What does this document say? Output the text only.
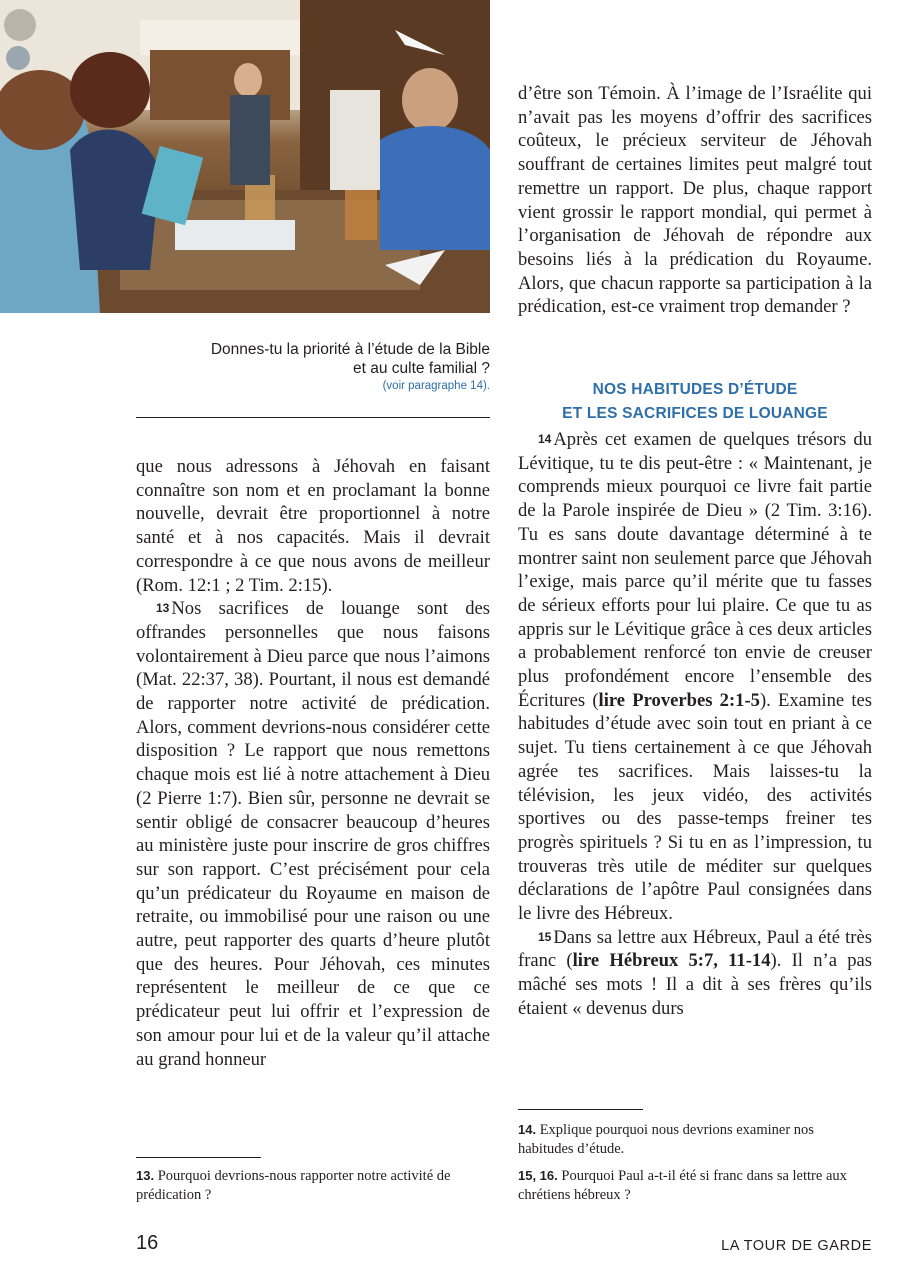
Donnes-tu la priorité à l’étude de la Bible
et au culte familial ?
(voir paragraphe 14).

que nous adressons à Jéhovah en faisant connaître son nom et en proclamant la bonne nouvelle, devrait être proportionnel à notre santé et à nos capacités. Mais il devrait correspondre à ce que nous avons de meilleur (Rom. 12:1 ; 2 Tim. 2:15).

13 Nos sacrifices de louange sont des offrandes personnelles que nous faisons volontairement à Dieu parce que nous l’aimons (Mat. 22:37, 38). Pourtant, il nous est demandé de rapporter notre activité de prédication. Alors, comment devrions-nous considérer cette disposition ? Le rapport que nous remettons chaque mois est lié à notre attachement à Dieu (2 Pierre 1:7). Bien sûr, personne ne devrait se sentir obligé de consacrer beaucoup d’heures au ministère juste pour inscrire de gros chiffres sur son rapport. C’est précisément pour cela qu’un prédicateur du Royaume en maison de retraite, ou immobilisé pour une raison ou une autre, peut rapporter des quarts d’heure plutôt que des heures. Pour Jéhovah, ces minutes représentent le meilleur de ce que ce prédicateur peut lui offrir et l’expression de son amour pour lui et de la valeur qu’il attache au grand honneur

13. Pourquoi devrions-nous rapporter notre activité de prédication ?

d’être son Témoin. À l’image de l’Israélite qui n’avait pas les moyens d’offrir des sacrifices coûteux, le précieux serviteur de Jéhovah souffrant de certaines limites peut malgré tout remettre un rapport. De plus, chaque rapport vient grossir le rapport mondial, qui permet à l’organisation de Jéhovah de répondre aux besoins liés à la prédication du Royaume. Alors, que chacun rapporte sa participation à la prédication, est-ce vraiment trop demander ?

NOS HABITUDES D’ÉTUDE
ET LES SACRIFICES DE LOUANGE

14 Après cet examen de quelques trésors du Lévitique, tu te dis peut-être : « Maintenant, je comprends mieux pourquoi ce livre fait partie de la Parole inspirée de Dieu » (2 Tim. 3:16). Tu es sans doute davantage déterminé à te montrer saint non seulement parce que Jéhovah l’exige, mais parce qu’il mérite que tu fasses de sérieux efforts pour lui plaire. Ce que tu as appris sur le Lévitique grâce à ces deux articles a probablement renforcé ton envie de creuser plus profondément encore l’ensemble des Écritures (lire Proverbes 2:1-5). Examine tes habitudes d’étude avec soin tout en priant à ce sujet. Tu tiens certainement à ce que Jéhovah agrée tes sacrifices. Mais laisses-tu la télévision, les jeux vidéo, des activités sportives ou des passe-temps freiner tes progrès spirituels ? Si tu en as l’impression, tu trouveras très utile de méditer sur quelques déclarations de l’apôtre Paul consignées dans le livre des Hébreux.

15 Dans sa lettre aux Hébreux, Paul a été très franc (lire Hébreux 5:7, 11-14). Il n’a pas mâché ses mots ! Il a dit à ses frères qu’ils étaient « devenus durs

14. Explique pourquoi nous devrions examiner nos habitudes d’étude.
15, 16. Pourquoi Paul a-t-il été si franc dans sa lettre aux chrétiens hébreux ?
16	LA TOUR DE GARDE
